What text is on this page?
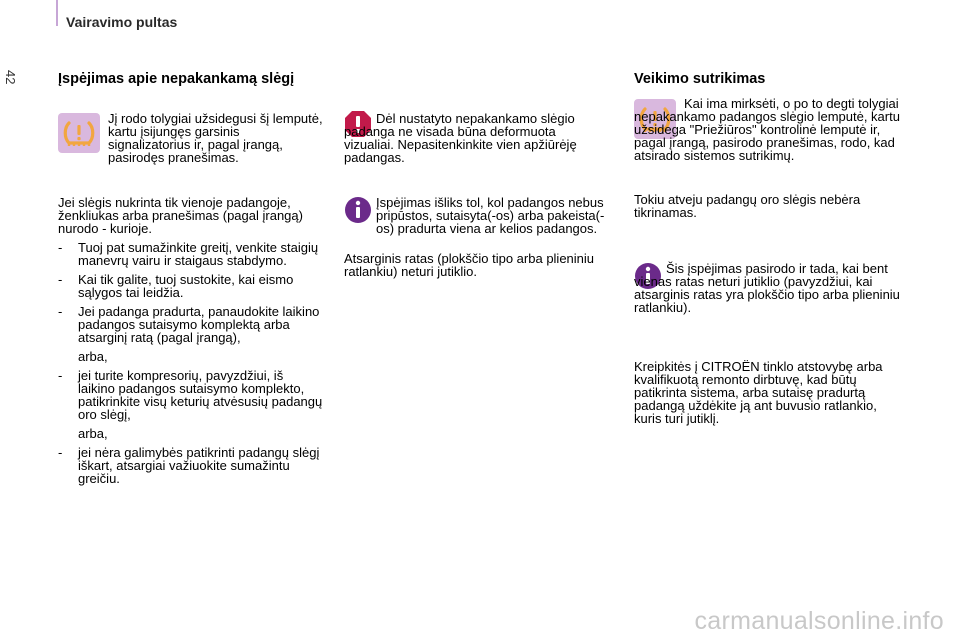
Vairavimo pultas
42	Įspėjimas apie nepakankamą slėgį

Jį rodo tolygiai užsidegusi šį lemputė, kartu įsijungęs garsinis signalizatorius ir, pagal įrangą, pasirodęs pranešimas.

Jei slėgis nukrinta tik vienoje padangoje, ženkliukas arba pranešimas (pagal įrangą) nurodo - kurioje.

- Tuoj pat sumažinkite greitį, venkite staigių manevrų vairu ir staigaus stabdymo.
- Kai tik galite, tuoj sustokite, kai eismo sąlygos tai leidžia.
- Jei padanga pradurta, panaudokite laikino padangos sutaisymo komplektą arba atsarginį ratą (pagal įrangą),

arba,

- jei turite kompresorių, pavyzdžiui, iš laikino padangos sutaisymo komplekto, patikrinkite visų keturių atvėsusių padangų oro slėgį,

arba,

- jei nėra galimybės patikrinti padangų slėgį iškart, atsargiai važiuokite sumažintu greičiu.
Dėl nustatyto nepakankamo slėgio padanga ne visada būna deformuota vizualiai. Nepasitenkinkite vien apžiūrėję padangas.
Įspėjimas išliks tol, kol padangos nebus pripūstos, sutaisyta(-os) arba pakeista(-os) pradurta viena ar kelios padangos.
Atsarginis ratas (plokščio tipo arba plieniniu ratlankiu) neturi jutiklio.

Veikimo sutrikimas

Kai ima mirksėti, o po to degti tolygiai nepakankamo padangos slėgio lemputė, kartu užsidega "Priežiūros" kontrolinė lemputė ir, pagal įrangą, pasirodo pranešimas, rodo, kad atsirado sistemos sutrikimų.
Tokiu atveju padangų oro slėgis nebėra tikrinamas.
Šis įspėjimas pasirodo ir tada, kai bent vienas ratas neturi jutiklio (pavyzdžiui, kai atsarginis ratas yra plokščio tipo arba plieniniu ratlankiu).
Kreipkitės į CITROËN tinklo atstovybę arba kvalifikuotą remonto dirbtuvę, kad būtų patikrinta sistema, arba sutaisę pradurtą padangą uždėkite ją ant buvusio ratlankio, kuris turi jutiklį.
carmanualsonline.info
